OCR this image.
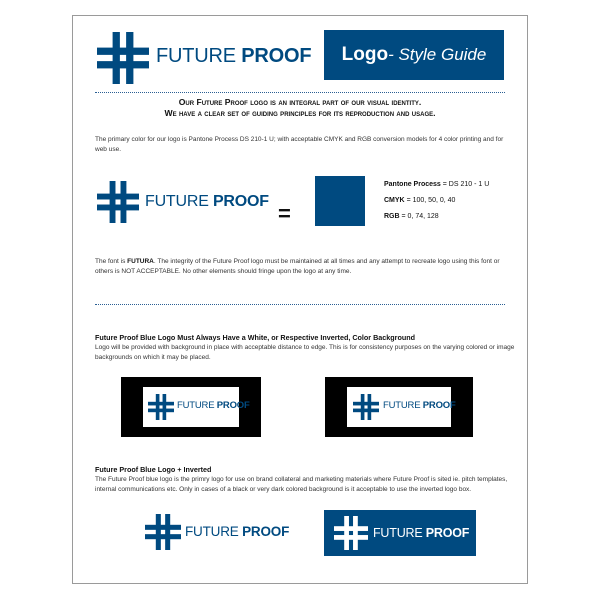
FUTURE PROOF Logo - Style Guide
Our Future Proof logo is an integral part of our visual identity.
We have a clear set of guiding principles for its reproduction and usage.
The primary color for our logo is Pantone Process DS 210-1 U; with acceptable CMYK and RGB conversion models for 4 color printing and for web use.
FUTURE PROOF =
Pantone Process = DS 210 - 1 U
CMYK = 100, 50, 0, 40
RGB = 0, 74, 128
The font is FUTURA. The integrity of the Future Proof logo must be maintained at all times and any attempt to recreate logo using this font or others is NOT ACCEPTABLE. No other elements should fringe upon the logo at any time.
Future Proof Blue Logo Must Always Have a White, or Respective Inverted, Color Background
Logo will be provided with background in place with acceptable distance to edge. This is for consistency purposes on the varying colored or image backgrounds on which it may be placed.
FUTURE PROOF	FUTURE PROOF
Future Proof Blue Logo + Inverted
The Future Proof blue logo is the primry logo for use on brand collateral and marketing materials where Future Proof is sited ie. pitch templates, internal communications etc. Only in cases of a black or very dark colored background is it acceptable to use the inverted logo box.
FUTURE PROOF	FUTURE PROOF
